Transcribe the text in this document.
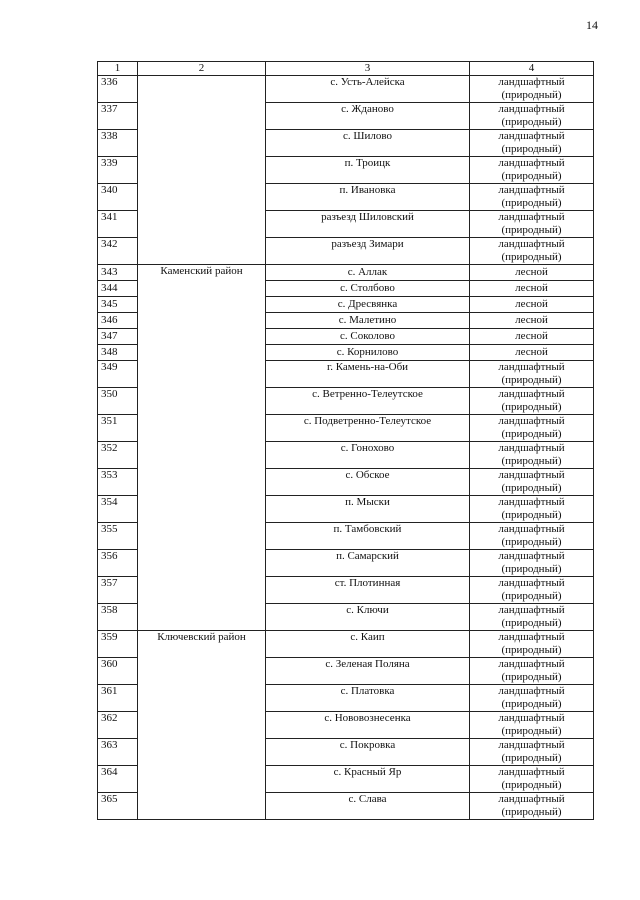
14
1	2	3	4
336		с. Усть-Алейска	ландшафтный (природный)
337		с. Жданово	ландшафтный (природный)
338		с. Шилово	ландшафтный (природный)
339		п. Троицк	ландшафтный (природный)
340		п. Ивановка	ландшафтный (природный)
341		разъезд Шиловский	ландшафтный (природный)
342		разъезд Зимари	ландшафтный (природный)
343	Каменский район	с. Аллак	лесной
344		с. Столбово	лесной
345		с. Дресвянка	лесной
346		с. Малетино	лесной
347		с. Соколово	лесной
348		с. Корнилово	лесной
349		г. Камень-на-Оби	ландшафтный (природный)
350		с. Ветренно-Телеутское	ландшафтный (природный)
351		с. Подветренно-Телеутское	ландшафтный (природный)
352		с. Гонохово	ландшафтный (природный)
353		с. Обское	ландшафтный (природный)
354		п. Мыски	ландшафтный (природный)
355		п. Тамбовский	ландшафтный (природный)
356		п. Самарский	ландшафтный (природный)
357		ст. Плотинная	ландшафтный (природный)
358		с. Ключи	ландшафтный (природный)
359	Ключевский район	с. Каип	ландшафтный (природный)
360		с. Зеленая Поляна	ландшафтный (природный)
361		с. Платовка	ландшафтный (природный)
362		с. Нововознесенка	ландшафтный (природный)
363		с. Покровка	ландшафтный (природный)
364		с. Красный Яр	ландшафтный (природный)
365		с. Слава	ландшафтный (природный)
